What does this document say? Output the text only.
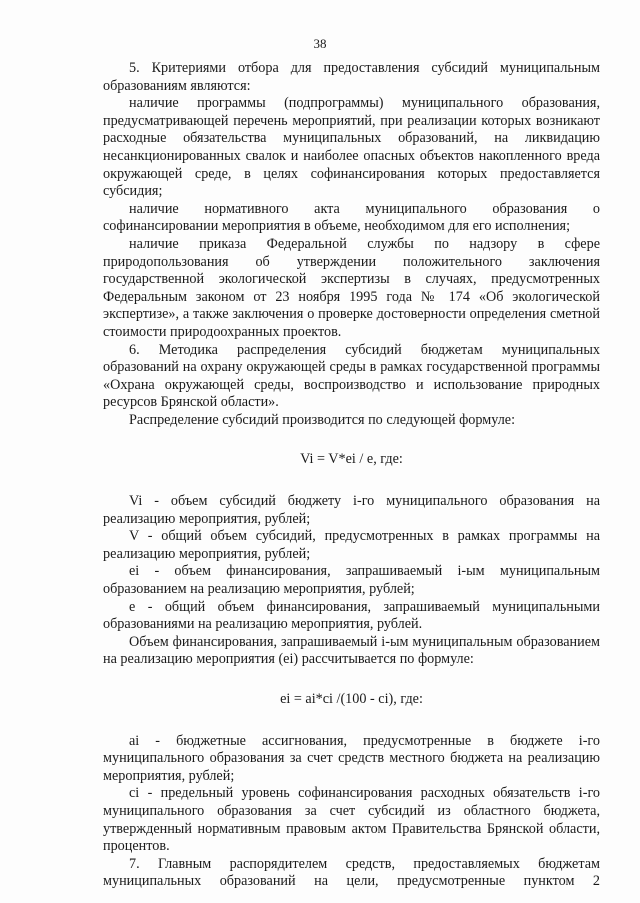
38

5. Критериями отбора для предоставления субсидий муниципальным образованиям являются:

наличие программы (подпрограммы) муниципального образования, предусматривающей перечень мероприятий, при реализации которых возникают расходные обязательства муниципальных образований, на ликвидацию несанкционированных свалок и наиболее опасных объектов накопленного вреда окружающей среде, в целях софинансирования которых предоставляется субсидия;

наличие нормативного акта муниципального образования о софинансировании мероприятия в объеме, необходимом для его исполнения;

наличие приказа Федеральной службы по надзору в сфере природопользования об утверждении положительного заключения государственной экологической экспертизы в случаях, предусмотренных Федеральным законом от 23 ноября 1995 года № 174 «Об экологической экспертизе», а также заключения о проверке достоверности определения сметной стоимости природоохранных проектов.

6. Методика распределения субсидий бюджетам муниципальных образований на охрану окружающей среды в рамках государственной программы «Охрана окружающей среды, воспроизводство и использование природных ресурсов Брянской области».

Распределение субсидий производится по следующей формуле:

Vi = V*ei / e, где:

Vi - объем субсидий бюджету i-го муниципального образования на реализацию мероприятия, рублей;

V - общий объем субсидий, предусмотренных в рамках программы на реализацию мероприятия, рублей;

ei - объем финансирования, запрашиваемый i-ым муниципальным образованием на реализацию мероприятия, рублей;

e - общий объем финансирования, запрашиваемый муниципальными образованиями на реализацию мероприятия, рублей.

Объем финансирования, запрашиваемый i-ым муниципальным образованием на реализацию мероприятия (ei) рассчитывается по формуле:

ei = ai*ci /(100 - ci), где:

ai - бюджетные ассигнования, предусмотренные в бюджете i-го муниципального образования за счет средств местного бюджета на реализацию мероприятия, рублей;

ci - предельный уровень софинансирования расходных обязательств i-го муниципального образования за счет субсидий из областного бюджета, утвержденный нормативным правовым актом Правительства Брянской области, процентов.

7. Главным распорядителем средств, предоставляемых бюджетам муниципальных образований на цели, предусмотренные пунктом 2
